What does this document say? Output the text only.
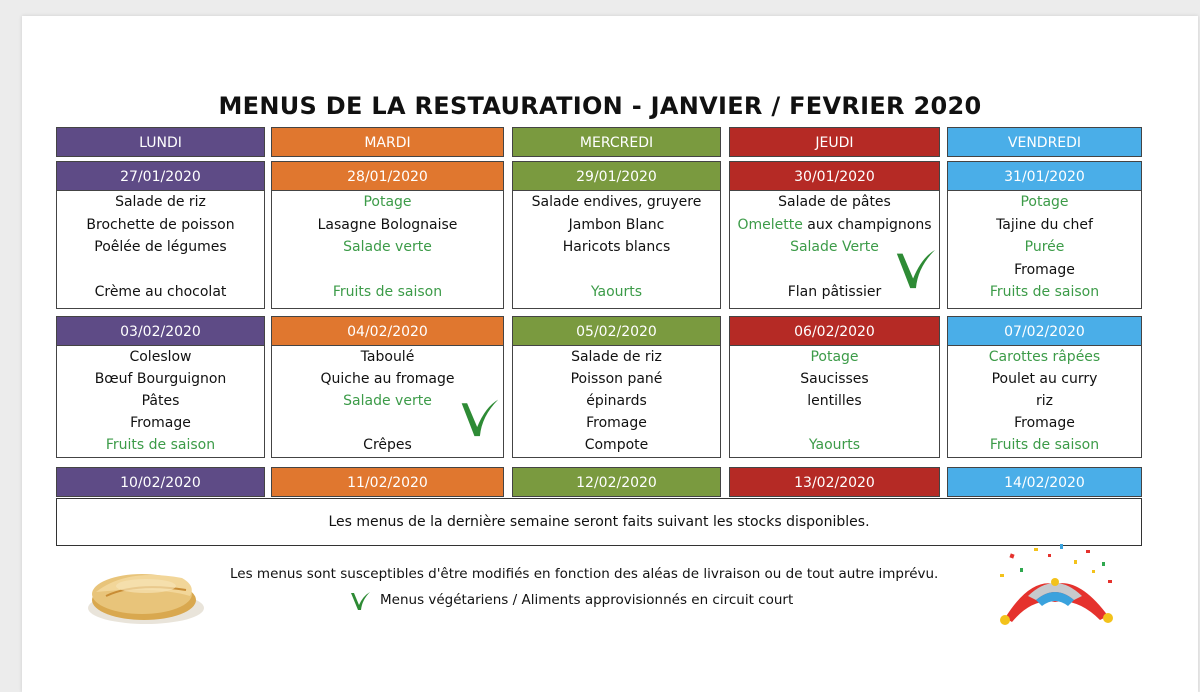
MENUS DE LA RESTAURATION - JANVIER / FEVRIER 2020
LUNDI
27/01/2020
Salade de riz
Brochette de poisson
Poêlée de légumes
Crème au chocolat
03/02/2020
Coleslow
Bœuf Bourguignon
Pâtes
Fromage
Fruits de saison
10/02/2020
MARDI
28/01/2020
Potage
Lasagne Bolognaise
Salade verte
Fruits de saison
04/02/2020
Taboulé
Quiche au fromage
Salade verte
Crêpes
11/02/2020
MERCREDI
29/01/2020
Salade endives, gruyere
Jambon Blanc
Haricots blancs
Yaourts
05/02/2020
Salade de riz
Poisson pané
épinards
Fromage
Compote
12/02/2020
JEUDI
30/01/2020
Salade de pâtes
Omelette aux champignons
Salade Verte
Flan pâtissier
06/02/2020
Potage
Saucisses
lentilles
Yaourts
13/02/2020
VENDREDI
31/01/2020
Potage
Tajine du chef
Purée
Fromage
Fruits de saison
07/02/2020
Carottes râpées
Poulet au curry
riz
Fromage
Fruits de saison
14/02/2020
Les menus de la dernière semaine seront faits suivant les stocks disponibles.
Les menus sont susceptibles d'être modifiés en fonction des aléas de livraison ou de tout autre imprévu.
Menus végétariens / Aliments approvisionnés en circuit court
